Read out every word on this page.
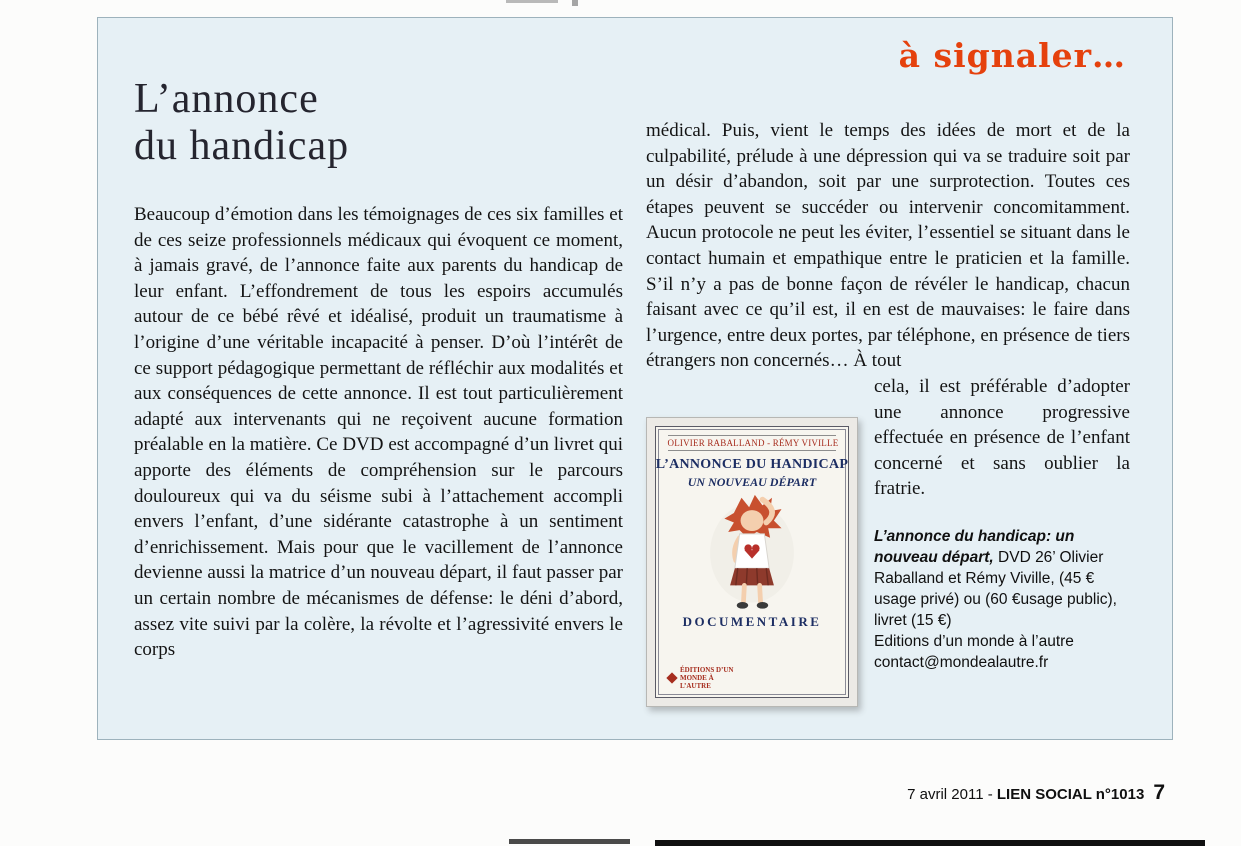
à signaler…
L’annonce
du handicap
Beaucoup d’émotion dans les témoignages de ces six familles et de ces seize professionnels médicaux qui évoquent ce moment, à jamais gravé, de l’annonce faite aux parents du handicap de leur enfant. L’effondrement de tous les espoirs accumulés autour de ce bébé rêvé et idéalisé, produit un traumatisme à l’origine d’une véritable incapacité à penser. D’où l’intérêt de ce support pédagogique permettant de réfléchir aux modalités et aux conséquences de cette annonce. Il est tout particulièrement adapté aux intervenants qui ne reçoivent aucune formation préalable en la matière. Ce DVD est accompagné d’un livret qui apporte des éléments de compréhension sur le parcours douloureux qui va du séisme subi à l’attachement accompli envers l’enfant, d’une sidérante catastrophe à un sentiment d’enrichissement. Mais pour que le vacillement de l’annonce devienne aussi la matrice d’un nouveau départ, il faut passer par un certain nombre de mécanismes de défense: le déni d’abord, assez vite suivi par la colère, la révolte et l’agressivité envers le corps

médical. Puis, vient le temps des idées de mort et de la culpabilité, prélude à une dépression qui va se traduire soit par un désir d’abandon, soit par une surprotection. Toutes ces étapes peuvent se succéder ou intervenir concomitamment. Aucun protocole ne peut les éviter, l’essentiel se situant dans le contact humain et empathique entre le praticien et la famille. S’il n’y a pas de bonne façon de révéler le handicap, chacun faisant avec ce qu’il est, il en est de mauvaises: le faire dans l’urgence, entre deux portes, par téléphone, en présence de tiers étrangers non concernés… À tout

OLIVIER RABALLAND - RÉMY VIVILLE
L’ANNONCE DU HANDICAP
UN NOUVEAU DÉPART
DOCUMENTAIRE
ÉDITIONS D’UN MONDE À L’AUTRE

cela, il est préférable d’adopter une annonce progressive effectuée en présence de l’enfant concerné et sans oublier la fratrie.

L’annonce du handicap: un nouveau départ, DVD 26’ Olivier Raballand et Rémy Viville, (45 € usage privé) ou (60 €usage public), livret (15 €)
Editions d’un monde à l’autre
contact@mondealautre.fr
7 avril 2011 - LIEN SOCIAL n°1013 7
